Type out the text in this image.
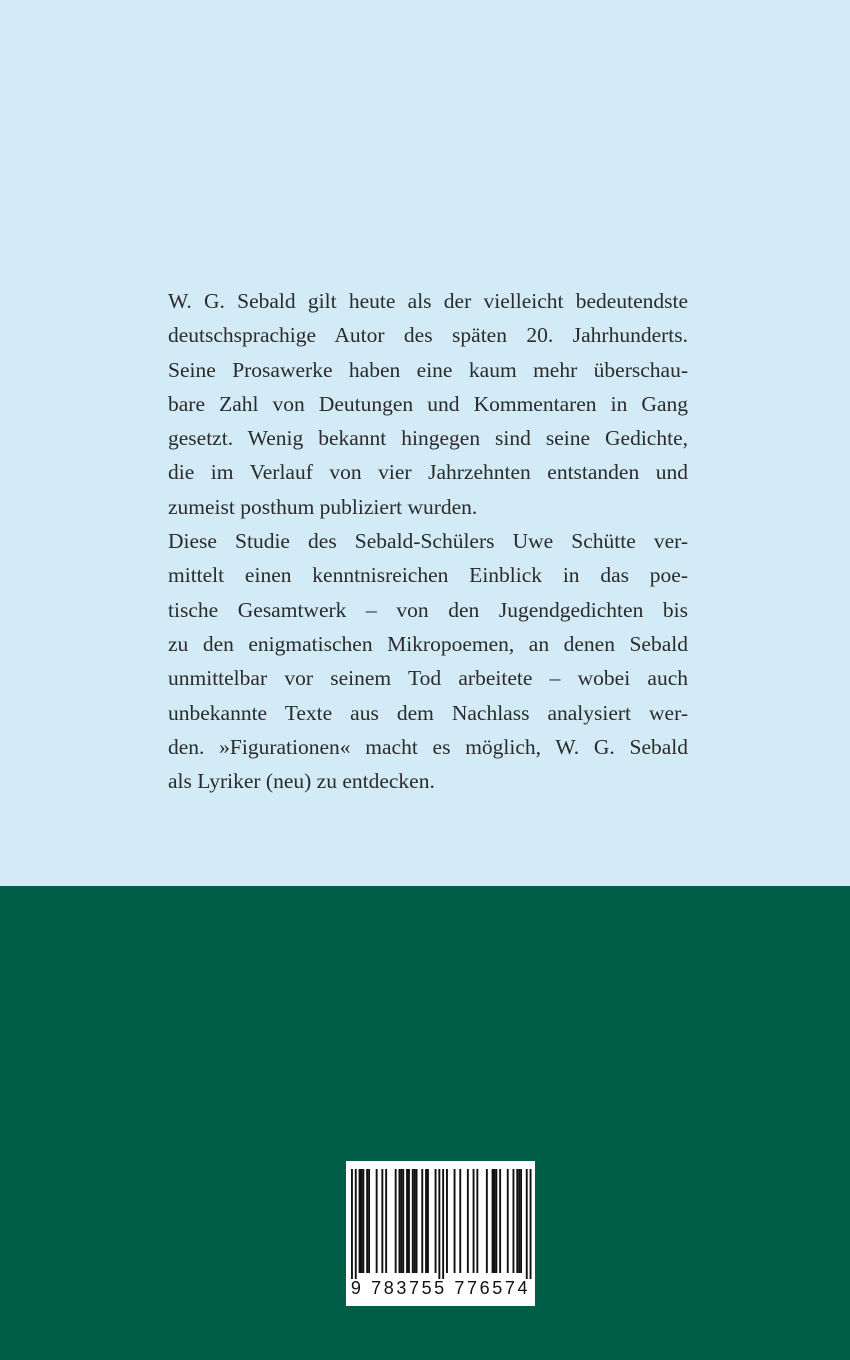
W. G. Sebald gilt heute als der vielleicht bedeutendste
deutschsprachige Autor des späten 20. Jahrhunderts.
Seine Prosawerke haben eine kaum mehr überschau-
bare Zahl von Deutungen und Kommentaren in Gang
gesetzt. Wenig bekannt hingegen sind seine Gedichte,
die im Verlauf von vier Jahrzehnten entstanden und
zumeist posthum publiziert wurden.
Diese Studie des Sebald-Schülers Uwe Schütte ver-
mittelt einen kenntnisreichen Einblick in das poe-
tische Gesamtwerk – von den Jugendgedichten bis
zu den enigmatischen Mikropoemen, an denen Sebald
unmittelbar vor seinem Tod arbeitete – wobei auch
unbekannte Texte aus dem Nachlass analysiert wer-
den. »Figurationen« macht es möglich, W. G. Sebald
als Lyriker (neu) zu entdecken.
9 783755 776574
